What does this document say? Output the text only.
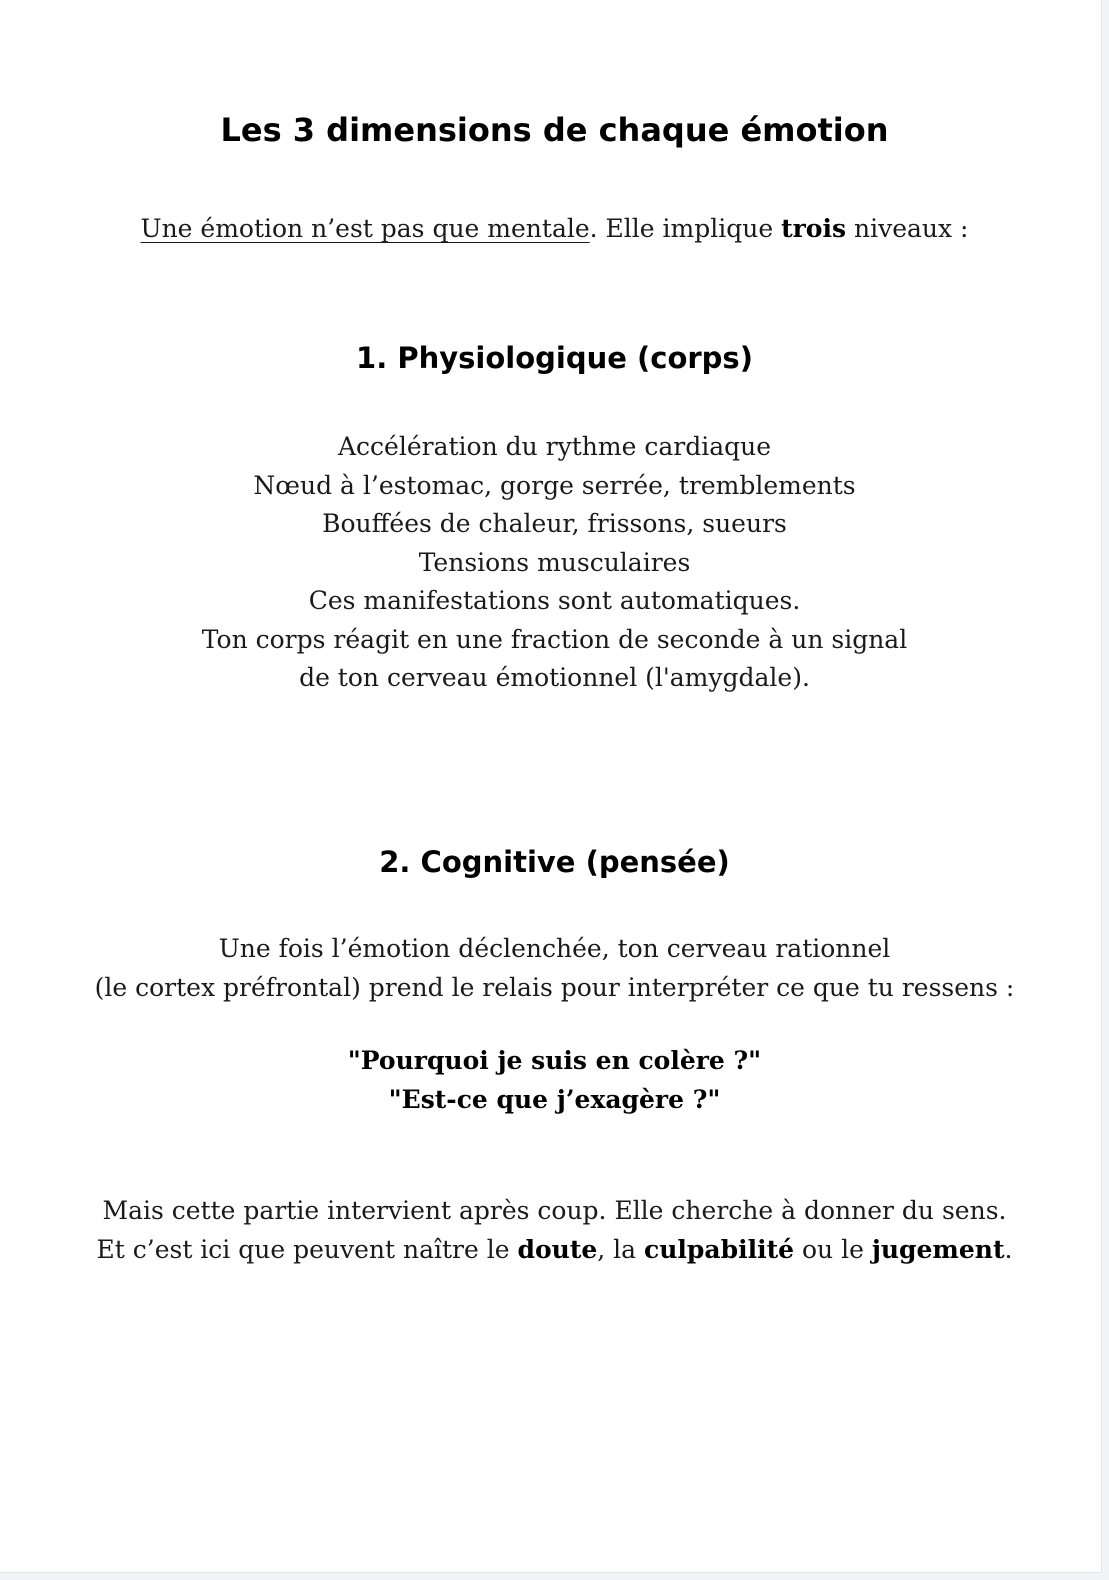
Les 3 dimensions de chaque émotion

Une émotion n’est pas que mentale. Elle implique trois niveaux :

1. Physiologique (corps)

Accélération du rythme cardiaque
Nœud à l’estomac, gorge serrée, tremblements
Bouffées de chaleur, frissons, sueurs
Tensions musculaires
Ces manifestations sont automatiques.
Ton corps réagit en une fraction de seconde à un signal
de ton cerveau émotionnel (l'amygdale).

2. Cognitive (pensée)

Une fois l’émotion déclenchée, ton cerveau rationnel
(le cortex préfrontal) prend le relais pour interpréter ce que tu ressens :

"Pourquoi je suis en colère ?"
"Est-ce que j’exagère ?"

Mais cette partie intervient après coup. Elle cherche à donner du sens.
Et c’est ici que peuvent naître le doute, la culpabilité ou le jugement.
